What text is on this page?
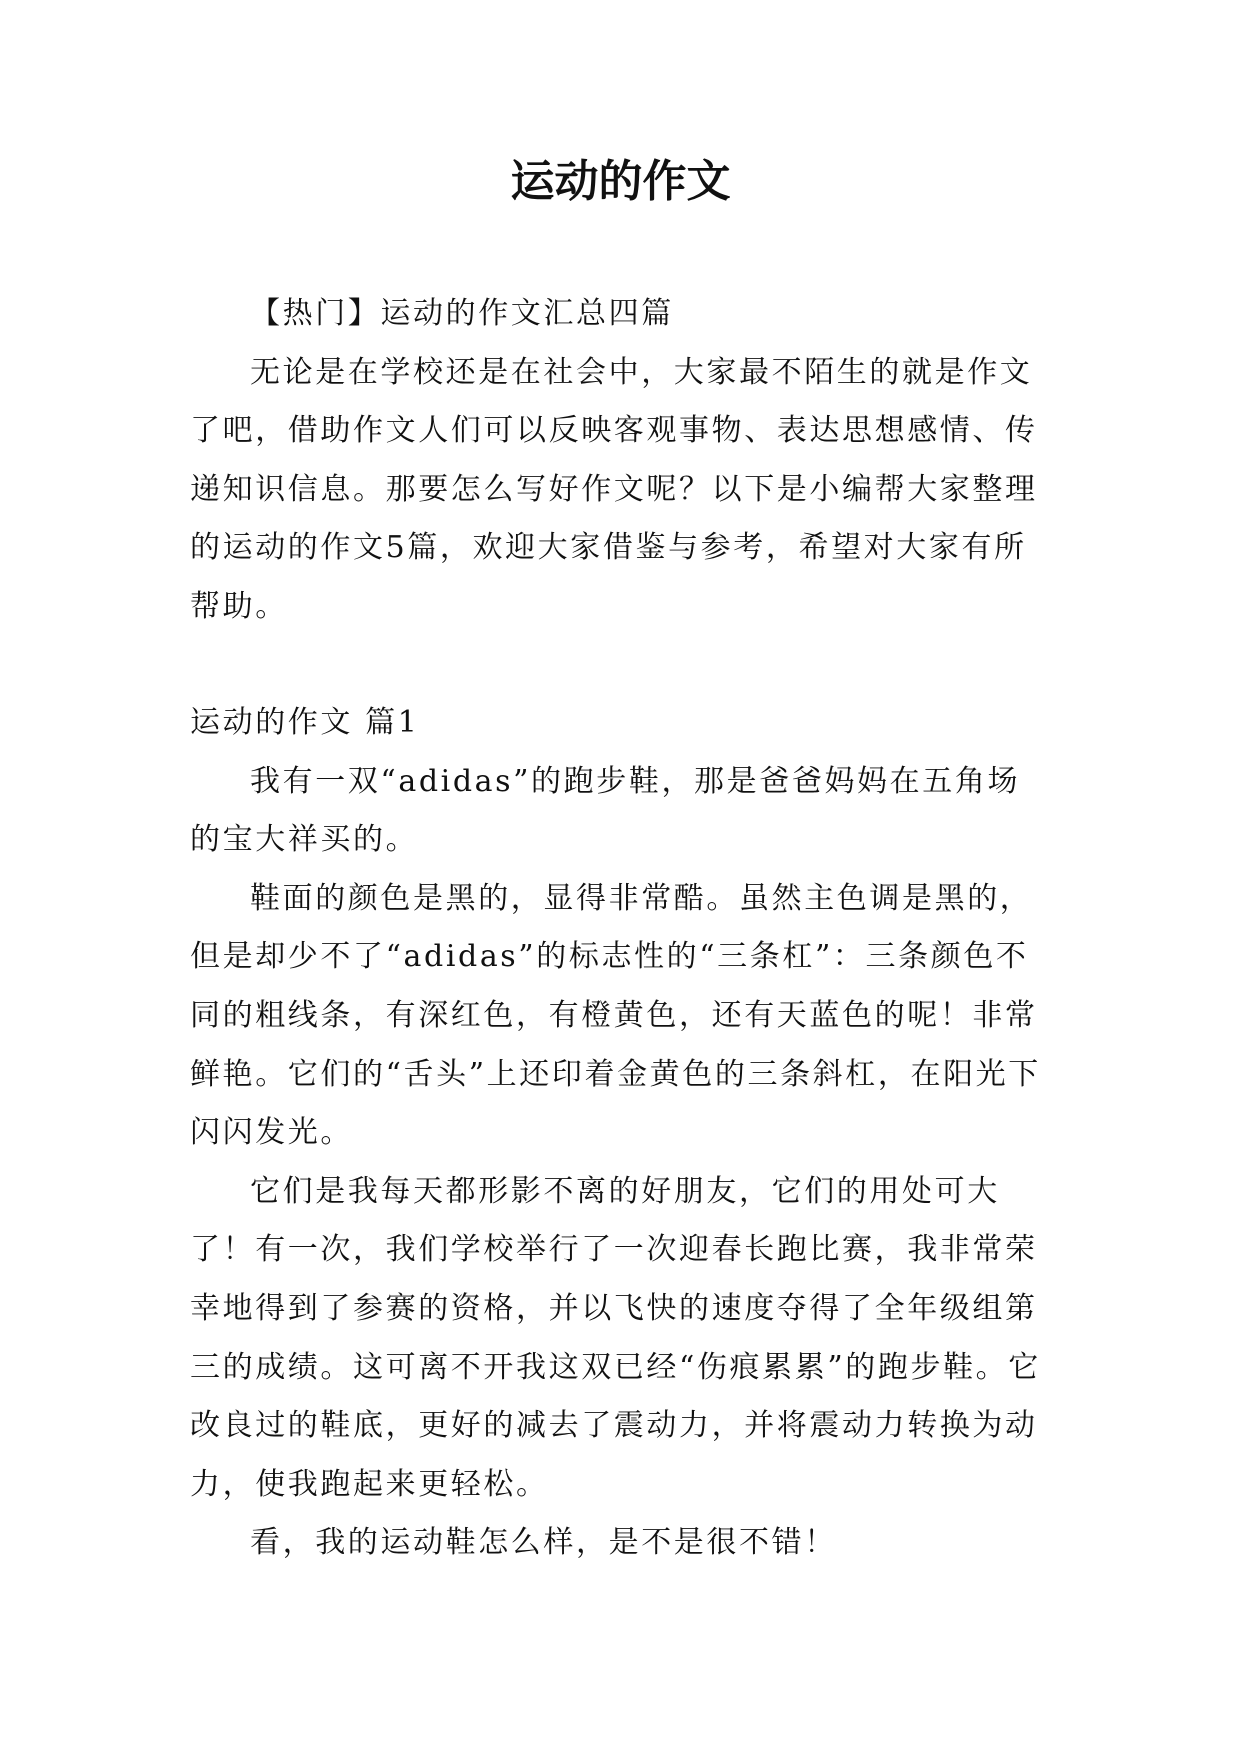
运动的作文

【热门】运动的作文汇总四篇

无论是在学校还是在社会中，大家最不陌生的就是作文了吧，借助作文人们可以反映客观事物、表达思想感情、传递知识信息。那要怎么写好作文呢？以下是小编帮大家整理的运动的作文5篇，欢迎大家借鉴与参考，希望对大家有所帮助。

运动的作文 篇1

我有一双“adidas”的跑步鞋，那是爸爸妈妈在五角场的宝大祥买的。

鞋面的颜色是黑的，显得非常酷。虽然主色调是黑的，但是却少不了“adidas”的标志性的“三条杠”：三条颜色不同的粗线条，有深红色，有橙黄色，还有天蓝色的呢！非常鲜艳。它们的“舌头”上还印着金黄色的三条斜杠，在阳光下闪闪发光。

它们是我每天都形影不离的好朋友，它们的用处可大了！有一次，我们学校举行了一次迎春长跑比赛，我非常荣幸地得到了参赛的资格，并以飞快的速度夺得了全年级组第三的成绩。这可离不开我这双已经“伤痕累累”的跑步鞋。它改良过的鞋底，更好的减去了震动力，并将震动力转换为动力，使我跑起来更轻松。

看，我的运动鞋怎么样，是不是很不错！
